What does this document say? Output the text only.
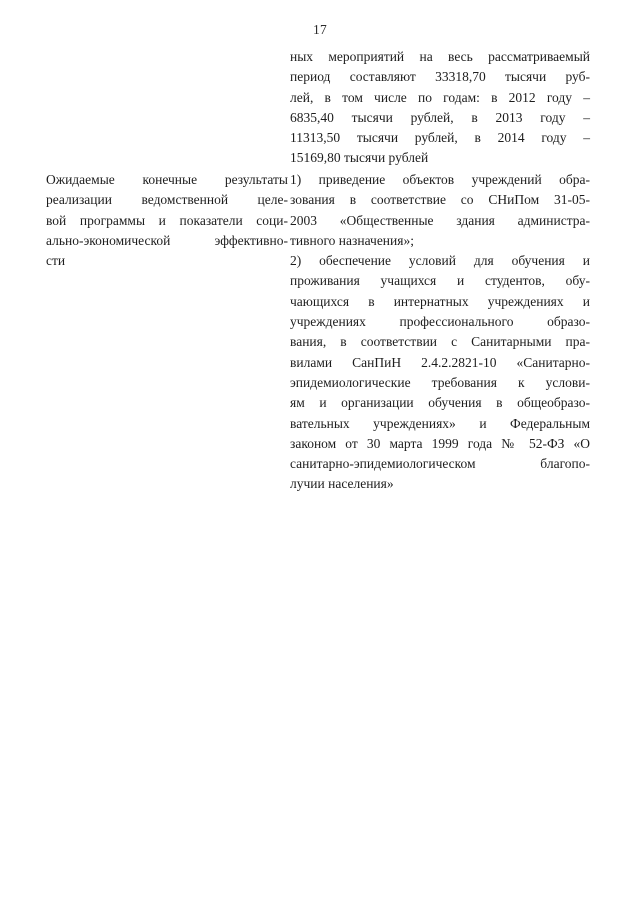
17
ных мероприятий на весь рассматриваемый
период составляют 33318,70 тысячи руб-
лей, в том числе по годам: в 2012 году –
6835,40 тысячи рублей, в 2013 году –
11313,50 тысячи рублей, в 2014 году –
15169,80 тысячи рублей
Ожидаемые конечные результаты
реализации ведомственной целе-
вой программы и показатели соци-
ально-экономической эффективно-
сти
1) приведение объектов учреждений обра-
зования в соответствие со СНиПом 31-05-
2003 «Общественные здания администра-
тивного назначения»;
2) обеспечение условий для обучения и
проживания учащихся и студентов, обу-
чающихся в интернатных учреждениях и
учреждениях профессионального образо-
вания, в соответствии с Санитарными пра-
вилами СанПиН 2.4.2.2821-10 «Санитарно-
эпидемиологические требования к услови-
ям и организации обучения в общеобразо-
вательных учреждениях» и Федеральным
законом от 30 марта 1999 года № 52-ФЗ «О
санитарно-эпидемиологическом благопо-
лучии населения»
